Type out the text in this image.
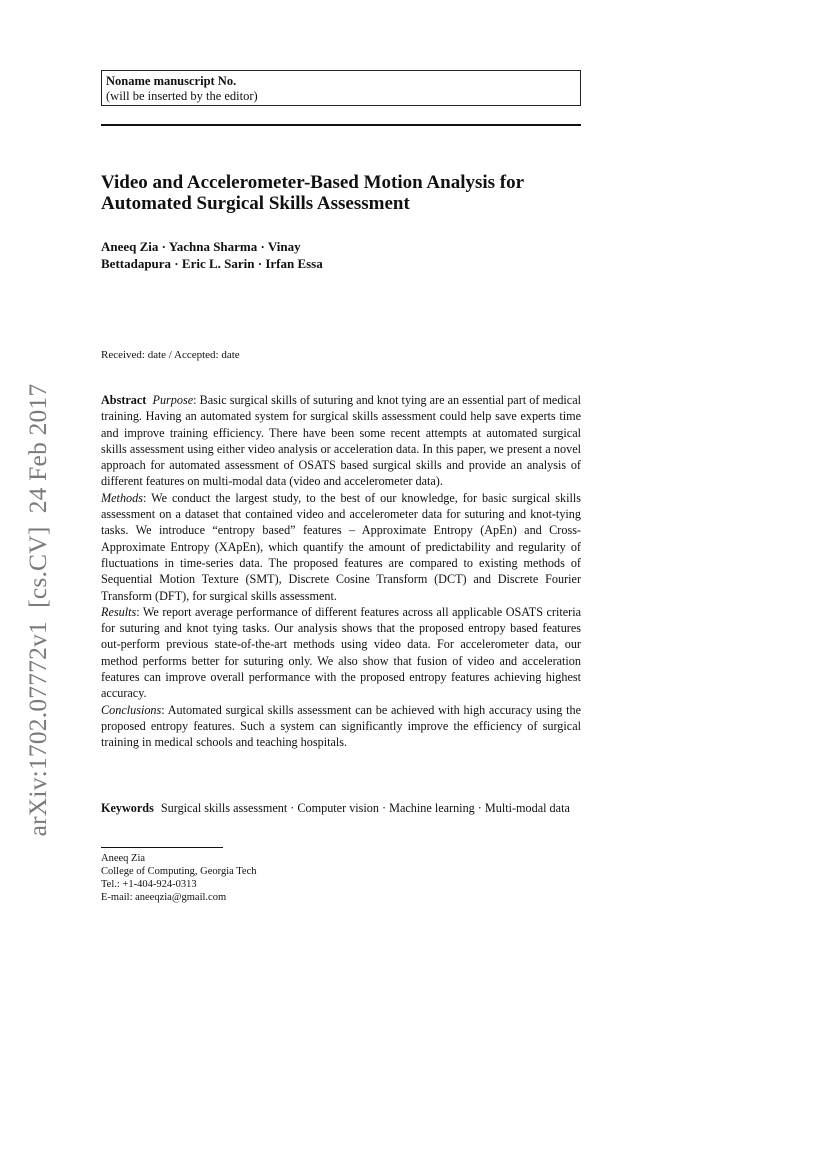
Noname manuscript No.
(will be inserted by the editor)
Video and Accelerometer-Based Motion Analysis for
Automated Surgical Skills Assessment
Aneeq Zia · Yachna Sharma · Vinay
Bettadapura · Eric L. Sarin · Irfan Essa
Received: date / Accepted: date

Abstract Purpose: Basic surgical skills of suturing and knot tying are an essential part of medical training. Having an automated system for surgical skills assessment could help save experts time and improve training efficiency. There have been some recent attempts at automated surgical skills assessment using either video analysis or acceleration data. In this paper, we present a novel approach for automated assessment of OSATS based surgical skills and provide an analysis of different features on multi-modal data (video and accelerometer data).

Methods: We conduct the largest study, to the best of our knowledge, for basic surgical skills assessment on a dataset that contained video and accelerometer data for suturing and knot-tying tasks. We introduce “entropy based” features – Approximate Entropy (ApEn) and Cross-Approximate Entropy (XApEn), which quantify the amount of predictability and regularity of fluctuations in time-series data. The proposed features are compared to existing methods of Sequential Motion Texture (SMT), Discrete Cosine Transform (DCT) and Discrete Fourier Transform (DFT), for surgical skills assessment.

Results: We report average performance of different features across all applicable OSATS criteria for suturing and knot tying tasks. Our analysis shows that the proposed entropy based features out-perform previous state-of-the-art methods using video data. For accelerometer data, our method performs better for suturing only. We also show that fusion of video and acceleration features can improve overall performance with the proposed entropy features achieving highest accuracy.

Conclusions: Automated surgical skills assessment can be achieved with high accuracy using the proposed entropy features. Such a system can significantly improve the efficiency of surgical training in medical schools and teaching hospitals.

Keywords Surgical skills assessment · Computer vision · Machine learning · Multi-modal data
Aneeq Zia
College of Computing, Georgia Tech
Tel.: +1-404-924-0313
E-mail: aneeqzia@gmail.com
arXiv:1702.07772v1  [cs.CV]  24 Feb 2017
